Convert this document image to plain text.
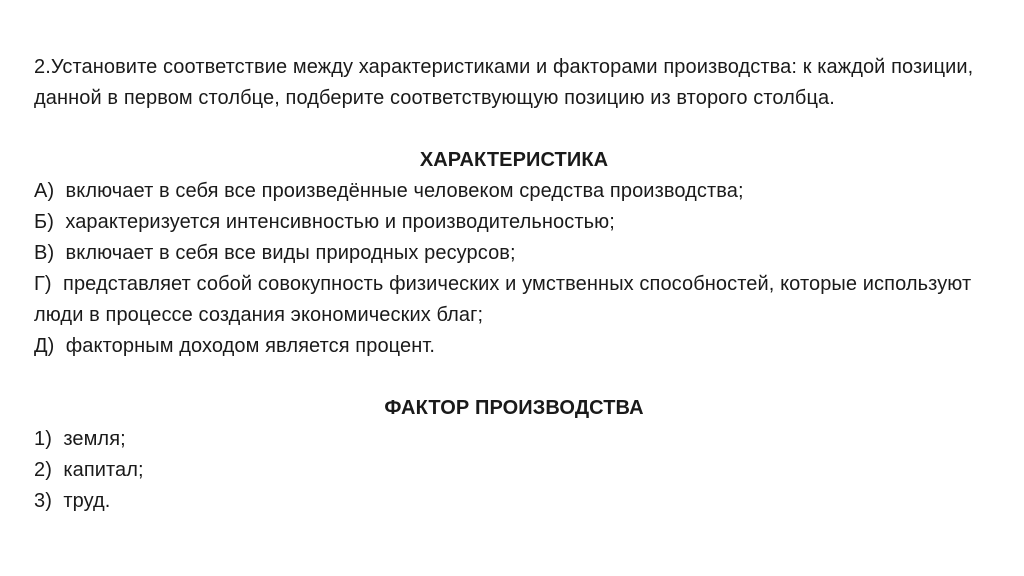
2.Установите соответствие между характеристиками и факторами производства: к каждой позиции, данной в первом столбце, подберите соответствующую позицию из второго столбца.

ХАРАКТЕРИСТИКА

А) включает в себя все произведённые человеком средства производства;

Б) характеризуется интенсивностью и производительностью;

В) включает в себя все виды природных ресурсов;

Г) представляет собой совокупность физических и умственных способностей, которые используют люди в процессе создания экономических благ;

Д) факторным доходом является процент.

ФАКТОР ПРОИЗВОДСТВА

1) земля;

2) капитал;

3) труд.
